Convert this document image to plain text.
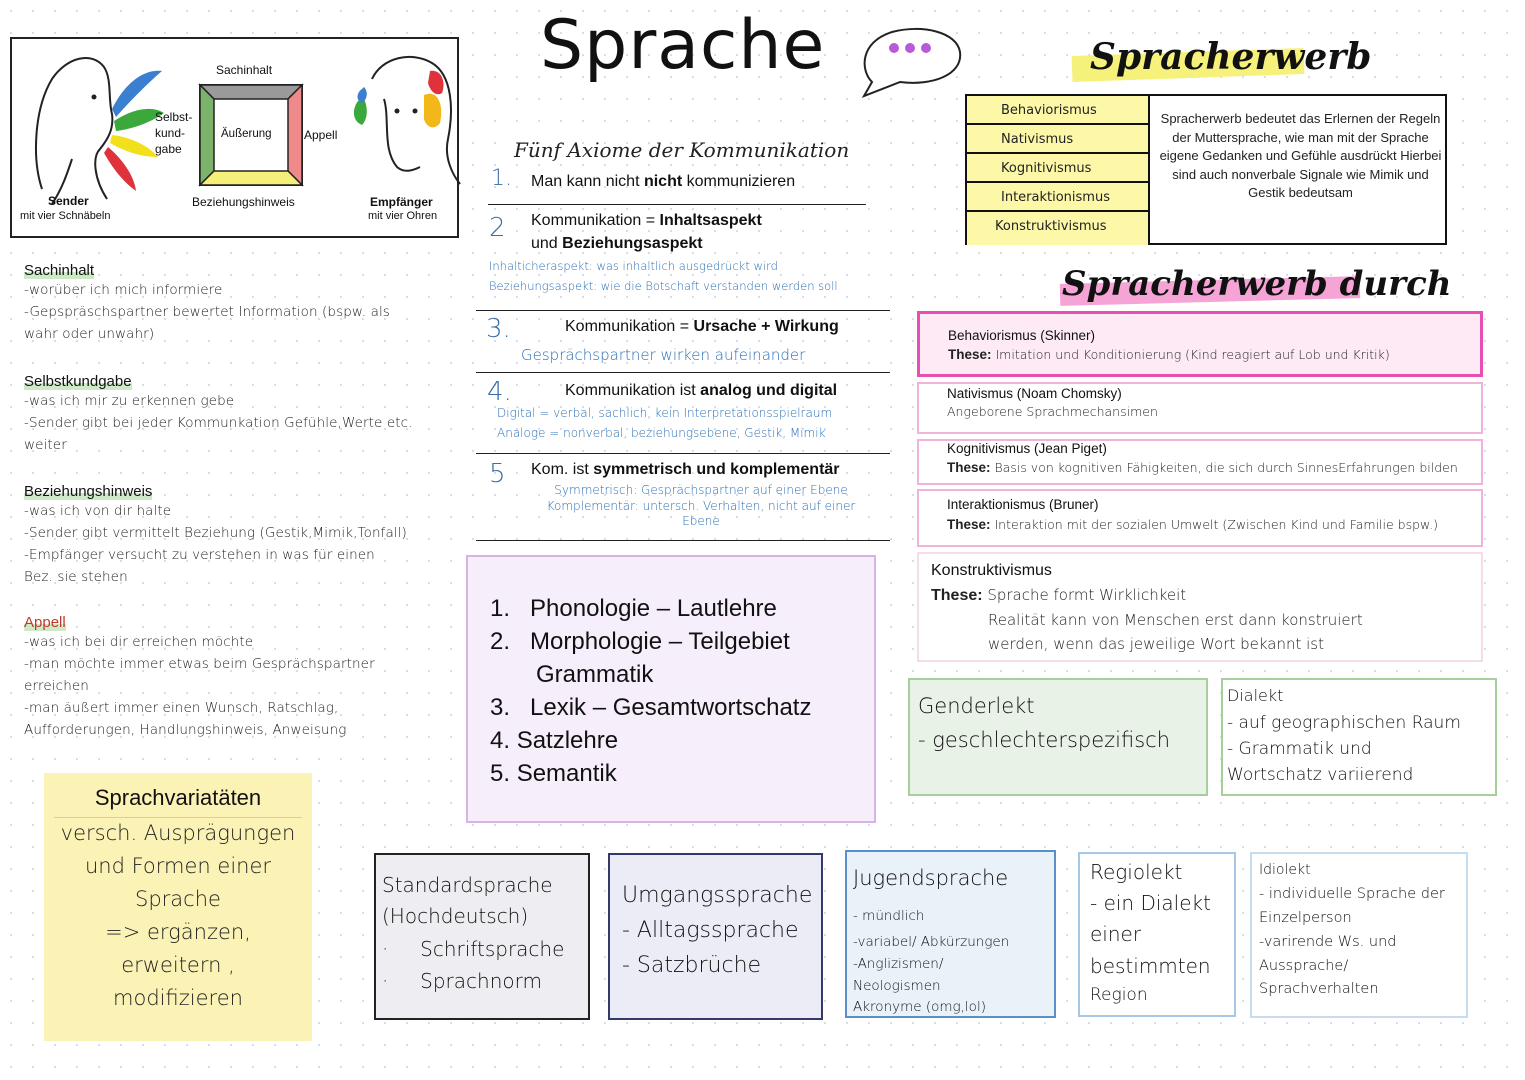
Sachinhalt
Selbst-
kund-
gabe
Äußerung	Appell
Beziehungshinweis
Sender
mit vier Schnäbeln
Empfänger
mit vier Ohren
Sachinhalt
-worüber ich mich informiere
-Gepspräschspartner bewertet Information (bspw. als
wahr oder unwahr)
Selbstkundgabe
-was ich mir zu erkennen gebe
-Sender gibt bei jeder Kommunkation Gefühle,Werte etc.
weiter
Beziehungshinweis
-was ich von dir halte
-Sender gibt vermittelt Beziehung (Gestik,Mimik,Tonfall)
-Empfänger versucht zu verstehen in was für einen
Bez. sie stehen
Appell
-was ich bei dir erreichen möchte
-man möchte immer etwas beim Gesprächspartner
erreichen
-man äußert immer einen Wunsch, Ratschlag,
Aufforderungen, Handlungshinweis, Anweisung
Sprachvariatäten
versch. Ausprägungen
und Formen einer
Sprache
=> ergänzen,
erweitern ,
modifizieren
Sprache
Fünf Axiome der Kommunikation
1. Man kann nicht nicht kommunizieren
2 Kommunikation = Inhaltsaspekt
und Beziehungsaspekt
Inhalticheraspekt: was inhaltlich ausgedrückt wird
Beziehungsaspekt: wie die Botschaft verstanden werden soll
3.	Kommunikation = Ursache + Wirkung
Gesprächspartner wirken aufeinander
4.	Kommunikation ist analog und digital
Digital = verbal, sachlich, kein Interpretationsspielraum
Analoge = nonverbal, beziehungsebene, Gestik, Mimik
5 Kom. ist symmetrisch und komplementär
Symmetrisch: Gesprächspartner auf einer Ebene
Komplementär: untersch. Verhalten, nicht auf einer
Ebene
1. Phonologie – Lautlehre
2. Morphologie – Teilgebiet
Grammatik
3. Lexik – Gesamtwortschatz
4. Satzlehre
5. Semantik
Spracherwerb
Behaviorismus
Nativismus
Kognitivismus
Interaktionismus
Konstruktivismus
Spracherwerb bedeutet das Erlernen der Regeln der Muttersprache, wie man mit der Sprache eigene Gedanken und Gefühle ausdrückt Hierbei sind auch nonverbale Signale wie Mimik und Gestik bedeutsam
Spracherwerb durch
Behaviorismus (Skinner)
These: Imitation und Konditionierung (Kind reagiert auf Lob und Kritik)
Nativismus (Noam Chomsky)
Angeborene Sprachmechansimen
Kognitivismus (Jean Piget)
These: Basis von kognitiven Fähigkeiten, die sich durch SinnesErfahrungen bilden
Interaktionismus (Bruner)
These: Interaktion mit der sozialen Umwelt (Zwischen Kind und Familie bspw.)
Konstruktivismus
These: Sprache formt Wirklichkeit
Realität kann von Menschen erst dann konstruiert
werden, wenn das jeweilige Wort bekannt ist
Genderlekt
- geschlechterspezifisch
Dialekt
- auf geographischen Raum
- Grammatik und
Wortschatz variierend
Standardsprache
(Hochdeutsch)
·     Schriftsprache
·     Sprachnorm
Umgangssprache
- Alltagssprache
- Satzbrüche
Jugendsprache
- mündlich
-variabel/ Abkürzungen
-Anglizismen/
Neologismen
Akronyme (omg,lol)
Regiolekt
- ein Dialekt
einer
bestimmten
Region
Idiolekt
- individuelle Sprache der
Einzelperson
-varirende Ws. und
Aussprache/
Sprachverhalten
